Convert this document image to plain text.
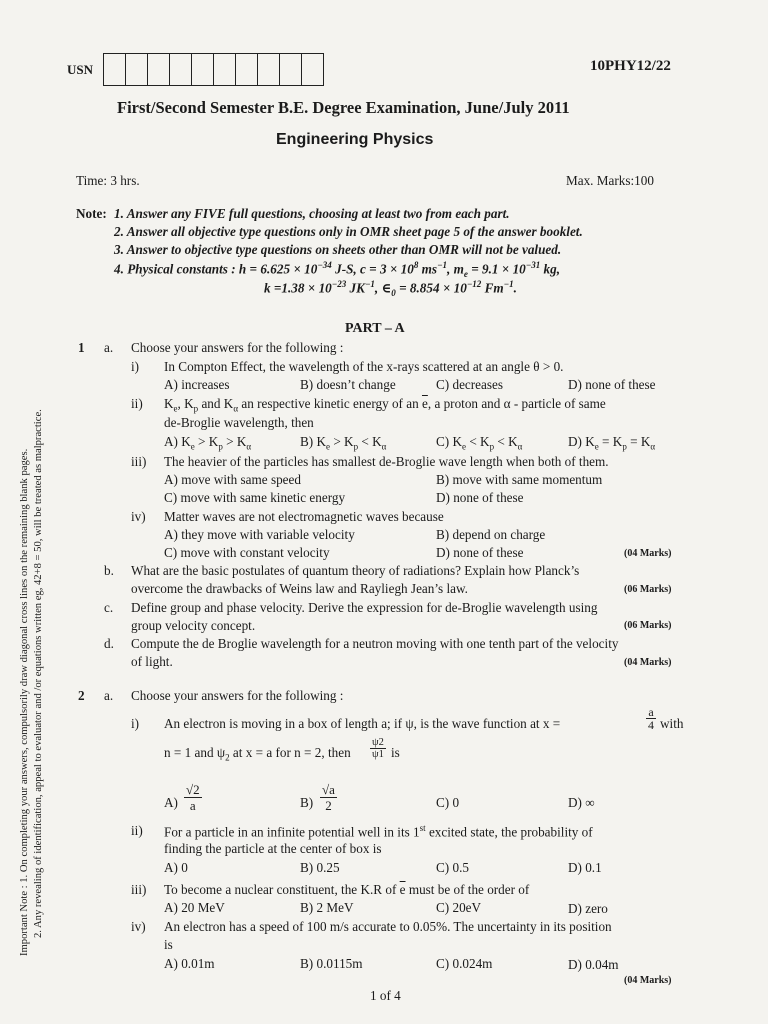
USN	10PHY12/22
First/Second Semester B.E. Degree Examination, June/July 2011
Engineering Physics
Time: 3 hrs.	Max. Marks:100
Note: 1. Answer any FIVE full questions, choosing at least two from each part.
2. Answer all objective type questions only in OMR sheet page 5 of the answer booklet.
3. Answer to objective type questions on sheets other than OMR will not be valued.
4. Physical constants : $h = 6.625 \times 10^{-34}$ J-S, $c = 3 \times 10^8$ $ms^{-1}$, $m_e = 9.1 \times 10^{-31}$ kg,
$k =1.38 \times 10^{-23}$ $JK^{-1}$, $\in_0 = 8.854 \times 10^{-12}$ $Fm^{-1}$.
Important Note : 1. On completing your answers, compulsorily draw diagonal cross lines on the remaining blank pages. 2. Any revealing of identification, appeal to evaluator and /or equations written eg, 42+8 = 50, will be treated as malpractice.
PART – A
1 a. Choose your answers for the following :
i) In Compton Effect, the wavelength of the x-rays scattered at an angle θ > 0.
A) increases	B) doesn’t change	C) decreases	D) none of these
ii) $K_e$, $K_p$ and $K_\alpha$ an respective kinetic energy of an $\overline{e}$, a proton and α - particle of same
de-Broglie wavelength, then
A) $K_e > K_p > K_\alpha$	B) $K_e > K_p < K_\alpha$	C) $K_e < K_p < K_\alpha$	D) $K_e = K_p = K_\alpha$
iii) The heavier of the particles has smallest de-Broglie wave length when both of them.
A) move with same speed	B) move with same momentum
C) move with same kinetic energy	D) none of these
iv) Matter waves are not electromagnetic waves because
A) they move with variable velocity	B) depend on charge
C) move with constant velocity	D) none of these	(04 Marks)
b. What are the basic postulates of quantum theory of radiations? Explain how Planck’s
overcome the drawbacks of Weins law and Rayliegh Jean’s law.	(06 Marks)
c. Define group and phase velocity. Derive the expression for de-Broglie wavelength using
group velocity concept.	(06 Marks)
d. Compute the de Broglie wavelength for a neutron moving with one tenth part of the velocity
of light.	(04 Marks)
2 a. Choose your answers for the following :
i) An electron is moving in a box of length a; if ψ, is the wave function at x =	$\frac{a}{4}$ with
n = 1 and $\psi_2$ at x = a for n = 2, then $\frac{\psi 2}{\psi 1}$ is
$A) \frac{√2}{a}$	$B) \frac{√a}{2}$	C) 0	D) ∞
ii) For a particle in an infinite potential well in its 1st excited state, the probability of
finding the particle at the center of box is
A) 0	B) 0.25	C) 0.5	D) 0.1
iii) To become a nuclear constituent, the K.R of $\overline{e}$ must be of the order of
A) 20 MeV	B) 2 MeV	C) 20eV	D) zero
iv) An electron has a speed of 100 m/s accurate to 0.05%. The uncertainty in its position
is
A) 0.01m	B) 0.0115m	C) 0.024m	D) 0.04m
(04 Marks)
1 of 4
